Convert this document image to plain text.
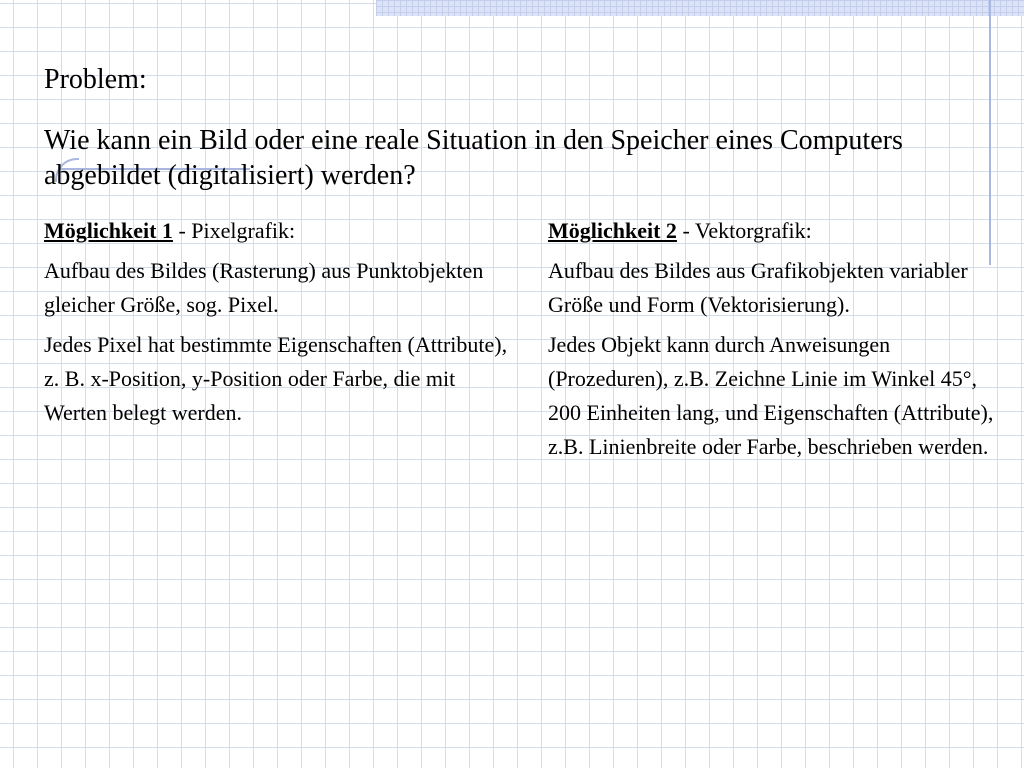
Problem:

Wie kann ein Bild oder eine reale Situation in den Speicher eines Computers abgebildet (digitalisiert) werden?

Möglichkeit 1 - Pixelgrafik:

Aufbau des Bildes (Rasterung) aus Punktobjekten gleicher Größe, sog. Pixel.

Jedes Pixel hat bestimmte Eigenschaften (Attribute), z. B. x-Position, y-Position oder Farbe, die mit Werten belegt werden.

Möglichkeit 2 - Vektorgrafik:

Aufbau des Bildes aus Grafikobjekten variabler Größe und Form (Vektorisierung).

Jedes Objekt kann durch Anweisungen (Prozeduren), z.B. Zeichne Linie im Winkel 45°, 200 Einheiten lang, und Eigenschaften (Attribute), z.B. Linienbreite oder Farbe, beschrieben werden.
